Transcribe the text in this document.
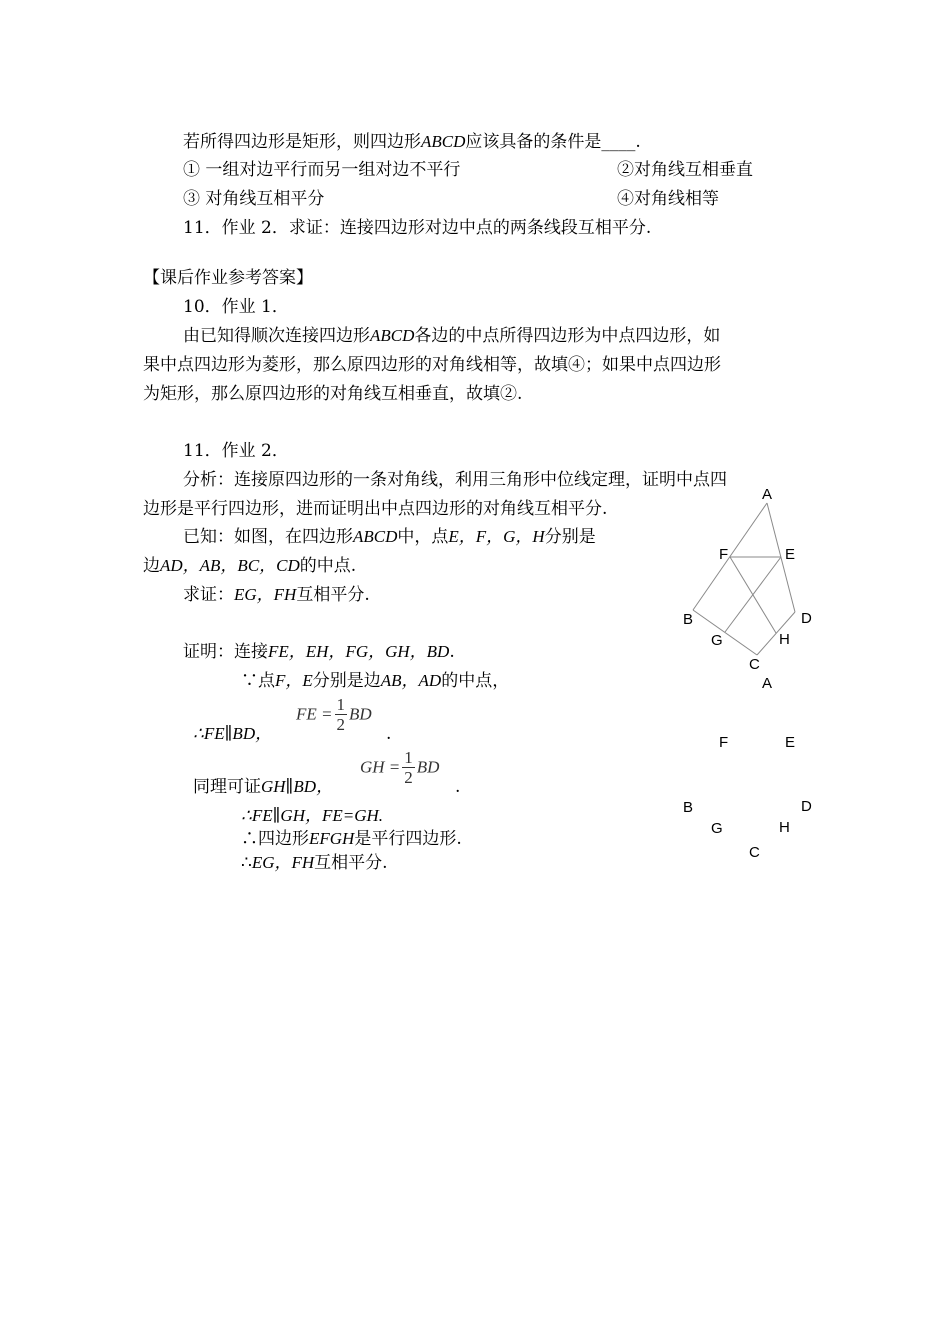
若所得四边形是矩形，则四边形ABCD应该具备的条件是____.
① 一组对边平行而另一组对边不平行	②对角线互相垂直
③ 对角线互相平分	④对角线相等
11．作业 2．求证：连接四边形对边中点的两条线段互相平分.
【课后作业参考答案】
10．作业 1．
由已知得顺次连接四边形ABCD各边的中点所得四边形为中点四边形，如
果中点四边形为菱形，那么原四边形的对角线相等，故填④；如果中点四边形
为矩形，那么原四边形的对角线互相垂直，故填②.
11．作业 2．
分析：连接原四边形的一条对角线，利用三角形中位线定理，证明中点四
边形是平行四边形，进而证明出中点四边形的对角线互相平分.
已知：如图，在四边形ABCD中，点E，F，G，H分别是
边AD，AB，BC，CD的中点.
求证：EG，FH互相平分.
证明：连接FE，EH，FG，GH，BD.
∵点F，E分别是边AB，AD的中点，
∴FE∥BD，
FE = $\frac{1}{2}$ BD
.
同理可证GH∥BD，
GH = $\frac{1}{2}$ BD
.
∴FE∥GH，FE=GH.
∴四边形EFGH是平行四边形.
∴EG，FH互相平分.
A
F	E
B	D
G	H
C
A
F	E
B	D
G	H
C
